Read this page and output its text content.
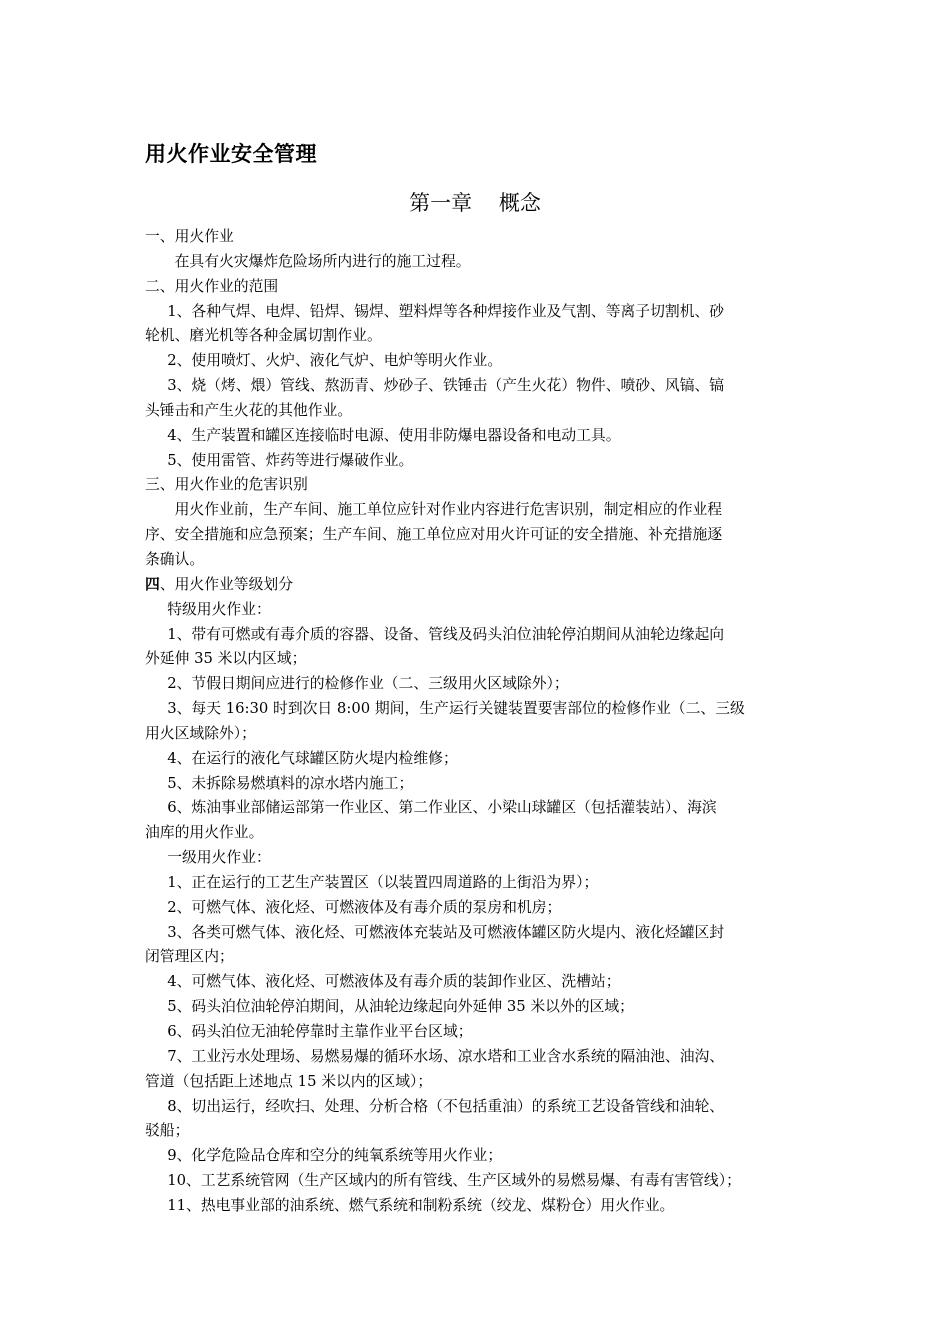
用火作业安全管理
第一章    概念
一、用火作业
在具有火灾爆炸危险场所内进行的施工过程。
二、用火作业的范围
1、各种气焊、电焊、铅焊、锡焊、塑料焊等各种焊接作业及气割、等离子切割机、砂
轮机、磨光机等各种金属切割作业。
2、使用喷灯、火炉、液化气炉、电炉等明火作业。
3、烧（烤、煨）管线、熬沥青、炒砂子、铁锤击（产生火花）物件、喷砂、风镐、镐
头锤击和产生火花的其他作业。
4、生产装置和罐区连接临时电源、使用非防爆电器设备和电动工具。
5、使用雷管、炸药等进行爆破作业。
三、用火作业的危害识别
用火作业前，生产车间、施工单位应针对作业内容进行危害识别，制定相应的作业程
序、安全措施和应急预案；生产车间、施工单位应对用火许可证的安全措施、补充措施逐
条确认。
四、用火作业等级划分
特级用火作业：
1、带有可燃或有毒介质的容器、设备、管线及码头泊位油轮停泊期间从油轮边缘起向
外延伸 35 米以内区域；
2、节假日期间应进行的检修作业（二、三级用火区域除外）；
3、每天 16:30 时到次日 8:00 期间，生产运行关键装置要害部位的检修作业（二、三级
用火区域除外）；
4、在运行的液化气球罐区防火堤内检维修；
5、未拆除易燃填料的凉水塔内施工；
6、炼油事业部储运部第一作业区、第二作业区、小梁山球罐区（包括灌装站）、海滨
油库的用火作业。
一级用火作业：
1、正在运行的工艺生产装置区（以装置四周道路的上街沿为界）；
2、可燃气体、液化烃、可燃液体及有毒介质的泵房和机房；
3、各类可燃气体、液化烃、可燃液体充装站及可燃液体罐区防火堤内、液化烃罐区封
闭管理区内；
4、可燃气体、液化烃、可燃液体及有毒介质的装卸作业区、洗槽站；
5、码头泊位油轮停泊期间，从油轮边缘起向外延伸 35 米以外的区域；
6、码头泊位无油轮停靠时主靠作业平台区域；
7、工业污水处理场、易燃易爆的循环水场、凉水塔和工业含水系统的隔油池、油沟、
管道（包括距上述地点 15 米以内的区域）；
8、切出运行，经吹扫、处理、分析合格（不包括重油）的系统工艺设备管线和油轮、
驳船；
9、化学危险品仓库和空分的纯氧系统等用火作业；
10、工艺系统管网（生产区域内的所有管线、生产区域外的易燃易爆、有毒有害管线）；
11、热电事业部的油系统、燃气系统和制粉系统（绞龙、煤粉仓）用火作业。
